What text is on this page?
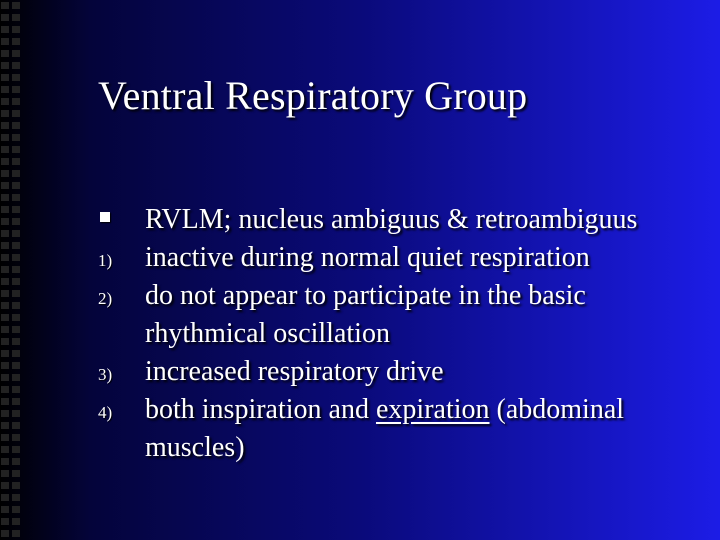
Ventral Respiratory Group
RVLM; nucleus ambiguus & retroambiguus
1) inactive during normal quiet respiration
2) do not appear to participate in the basic rhythmical oscillation
3) increased respiratory drive
4) both inspiration and expiration (abdominal muscles)
